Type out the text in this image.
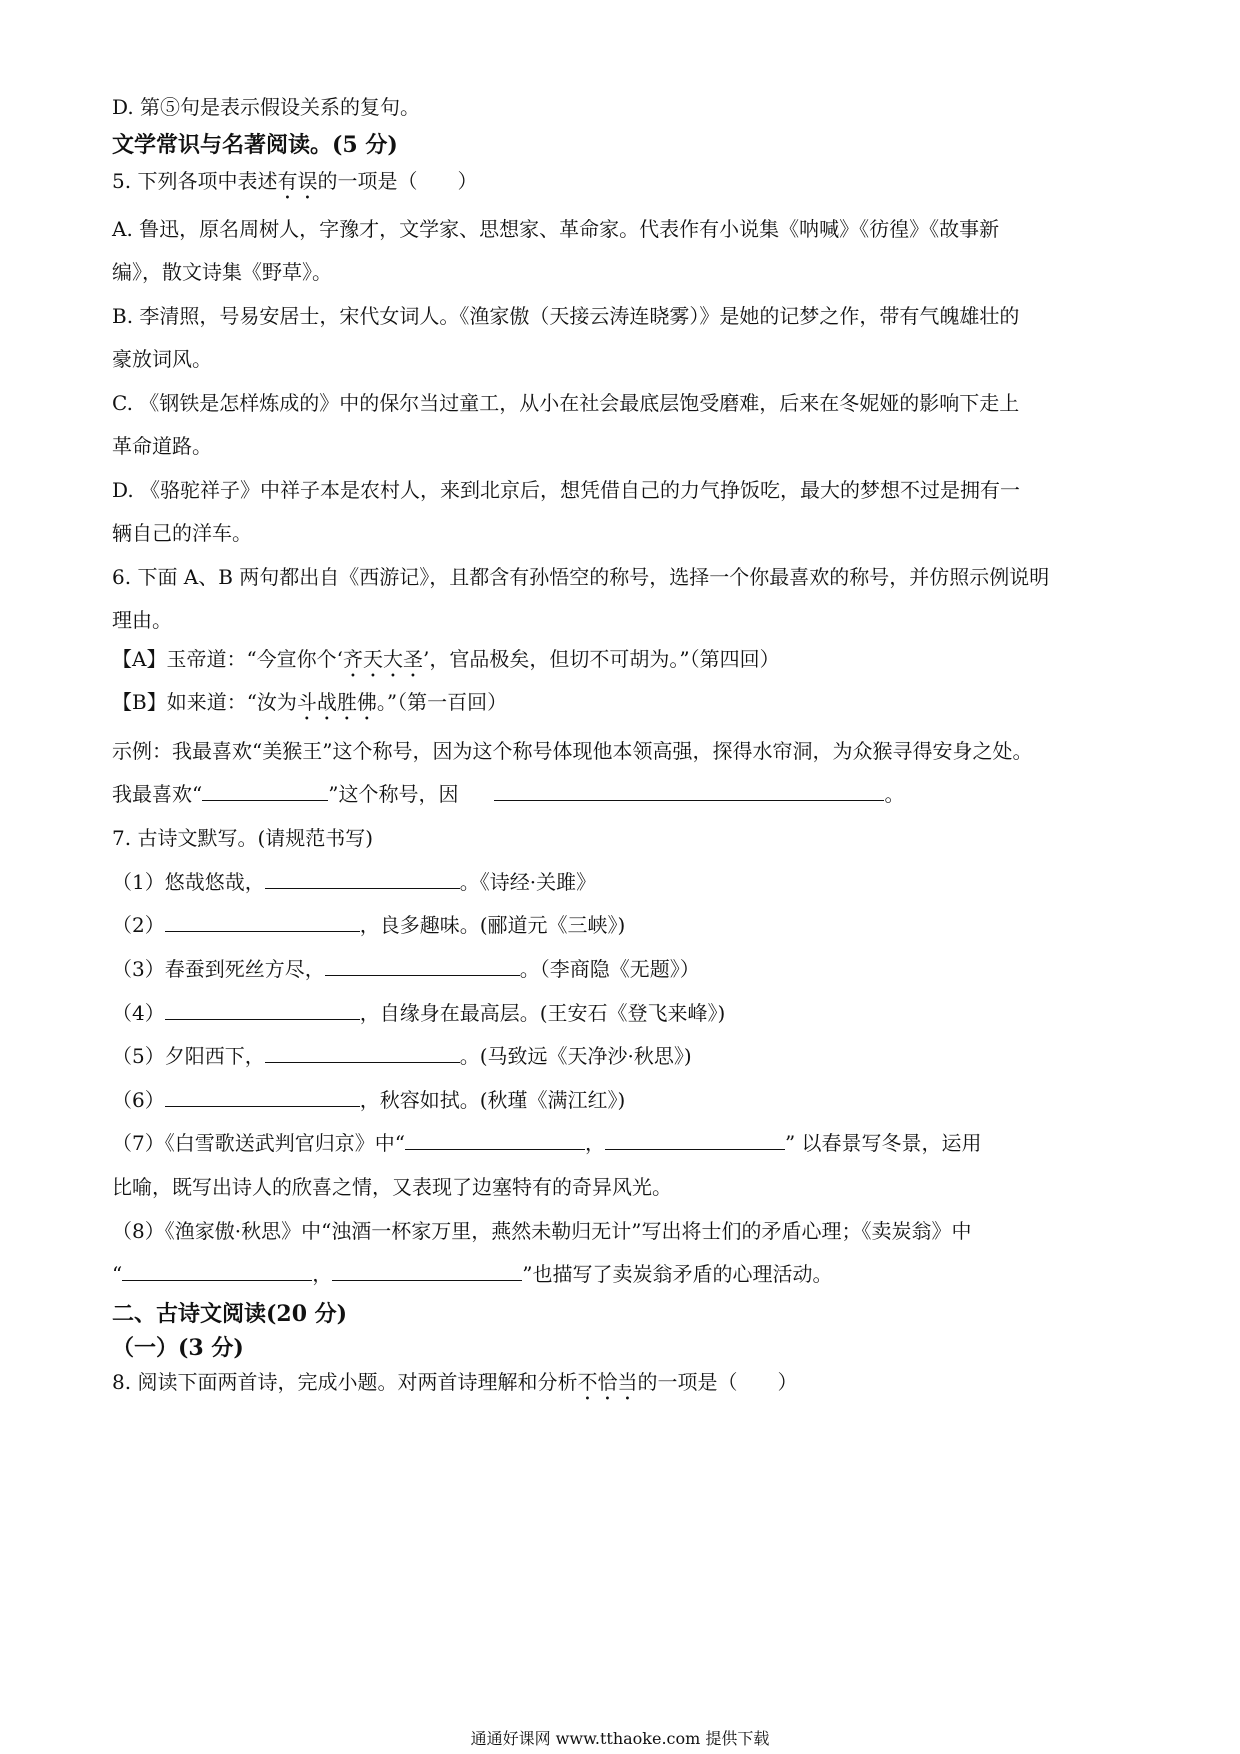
D. 第⑤句是表示假设关系的复句。
文学常识与名著阅读。(5 分)
5. 下列各项中表述有误的一项是（　　）
A. 鲁迅，原名周树人，字豫才，文学家、思想家、革命家。代表作有小说集《呐喊》《彷徨》《故事新
编》，散文诗集《野草》。
B. 李清照，号易安居士，宋代女词人。《渔家傲（天接云涛连晓雾）》是她的记梦之作，带有气魄雄壮的
豪放词风。
C. 《钢铁是怎样炼成的》中的保尔当过童工，从小在社会最底层饱受磨难，后来在冬妮娅的影响下走上
革命道路。
D. 《骆驼祥子》中祥子本是农村人，来到北京后，想凭借自己的力气挣饭吃，最大的梦想不过是拥有一
辆自己的洋车。
6. 下面 A、B 两句都出自《西游记》，且都含有孙悟空的称号，选择一个你最喜欢的称号，并仿照示例说明
理由。
【A】玉帝道：“今宣你个‘齐天大圣’，官品极矣，但切不可胡为。”（第四回）
【B】如来道：“汝为斗战胜佛。”（第一百回）
示例：我最喜欢“美猴王”这个称号，因为这个称号体现他本领高强，探得水帘洞，为众猴寻得安身之处。
我最喜欢“	”这个称号，因	。
7. 古诗文默写。(请规范书写)
（1）悠哉悠哉，	。《诗经·关雎》
（2）	，良多趣味。(郦道元《三峡》)
（3）春蚕到死丝方尽，	。（李商隐《无题》）
（4）	，自缘身在最高层。(王安石《登飞来峰》)
（5）夕阳西下，	。(马致远《天净沙·秋思》)
（6）	，秋容如拭。(秋瑾《满江红》)
（7）《白雪歌送武判官归京》中“	，	” 以春景写冬景，运用
比喻，既写出诗人的欣喜之情，又表现了边塞特有的奇异风光。
（8）《渔家傲·秋思》中“浊酒一杯家万里，燕然未勒归无计”写出将士们的矛盾心理；《卖炭翁》中
“	，	”也描写了卖炭翁矛盾的心理活动。
二、古诗文阅读(20 分)
（一）(3 分)
8. 阅读下面两首诗，完成小题。对两首诗理解和分析不恰当的一项是（　　）
通通好课网 www.tthaoke.com 提供下载
